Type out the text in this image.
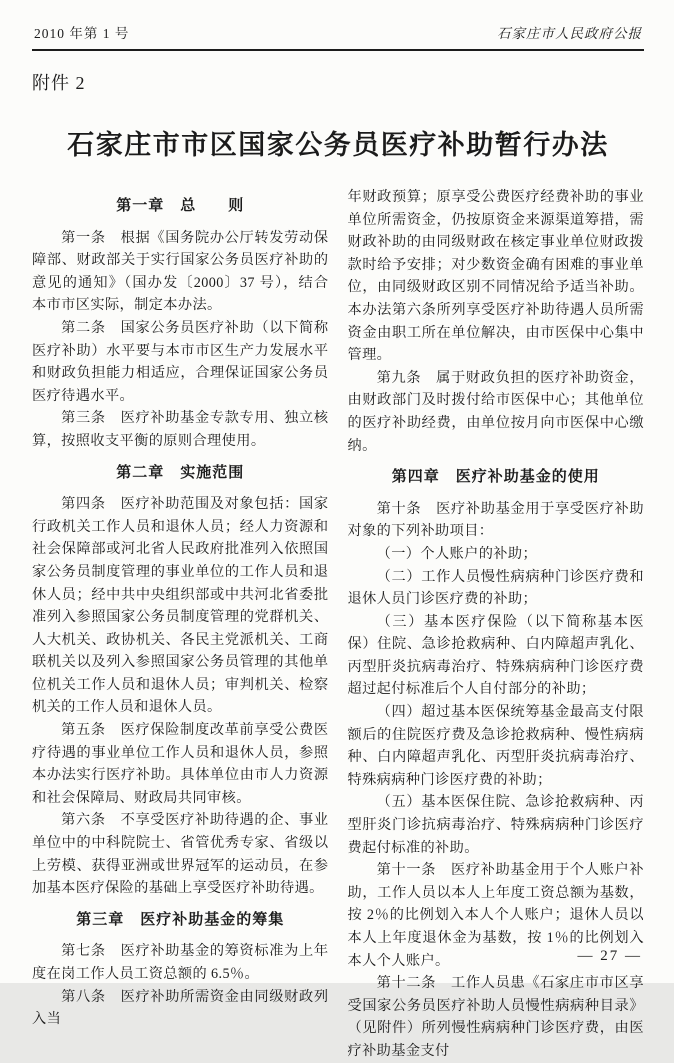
2010 年第 1 号	石家庄市人民政府公报
附件 2
石家庄市市区国家公务员医疗补助暂行办法
第一章　总　　则
第一条　根据《国务院办公厅转发劳动保障部、财政部关于实行国家公务员医疗补助的意见的通知》（国办发〔2000〕37 号），结合本市市区实际，制定本办法。
第二条　国家公务员医疗补助（以下简称医疗补助）水平要与本市市区生产力发展水平和财政负担能力相适应，合理保证国家公务员医疗待遇水平。
第三条　医疗补助基金专款专用、独立核算，按照收支平衡的原则合理使用。
第二章　实施范围
第四条　医疗补助范围及对象包括：国家行政机关工作人员和退休人员；经人力资源和社会保障部或河北省人民政府批准列入依照国家公务员制度管理的事业单位的工作人员和退休人员；经中共中央组织部或中共河北省委批准列入参照国家公务员制度管理的党群机关、人大机关、政协机关、各民主党派机关、工商联机关以及列入参照国家公务员管理的其他单位机关工作人员和退休人员；审判机关、检察机关的工作人员和退休人员。
第五条　医疗保险制度改革前享受公费医疗待遇的事业单位工作人员和退休人员，参照本办法实行医疗补助。具体单位由市人力资源和社会保障局、财政局共同审核。
第六条　不享受医疗补助待遇的企、事业单位中的中科院院士、省管优秀专家、省级以上劳模、获得亚洲或世界冠军的运动员，在参加基本医疗保险的基础上享受医疗补助待遇。
第三章　医疗补助基金的筹集
第七条　医疗补助基金的筹资标准为上年度在岗工作人员工资总额的 6.5％。
第八条　医疗补助所需资金由同级财政列入当
年财政预算；原享受公费医疗经费补助的事业单位所需资金，仍按原资金来源渠道筹措，需财政补助的由同级财政在核定事业单位财政拨款时给予安排；对少数资金确有困难的事业单位，由同级财政区别不同情况给予适当补助。本办法第六条所列享受医疗补助待遇人员所需资金由职工所在单位解决，由市医保中心集中管理。
第九条　属于财政负担的医疗补助资金，由财政部门及时拨付给市医保中心；其他单位的医疗补助经费，由单位按月向市医保中心缴纳。
第四章　医疗补助基金的使用
第十条　医疗补助基金用于享受医疗补助对象的下列补助项目：
（一）个人账户的补助；
（二）工作人员慢性病病种门诊医疗费和退休人员门诊医疗费的补助；
（三）基本医疗保险（以下简称基本医保）住院、急诊抢救病种、白内障超声乳化、丙型肝炎抗病毒治疗、特殊病病种门诊医疗费超过起付标准后个人自付部分的补助；
（四）超过基本医保统筹基金最高支付限额后的住院医疗费及急诊抢救病种、慢性病病种、白内障超声乳化、丙型肝炎抗病毒治疗、特殊病病种门诊医疗费的补助；
（五）基本医保住院、急诊抢救病种、丙型肝炎门诊抗病毒治疗、特殊病病种门诊医疗费起付标准的补助。
第十一条　医疗补助基金用于个人账户补助，工作人员以本人上年度工资总额为基数，按 2％的比例划入本人个人账户；退休人员以本人上年度退休金为基数，按 1％的比例划入本人个人账户。
第十二条　工作人员患《石家庄市市区享受国家公务员医疗补助人员慢性病病种目录》（见附件）所列慢性病病种门诊医疗费，由医疗补助基金支付
— 27 —
